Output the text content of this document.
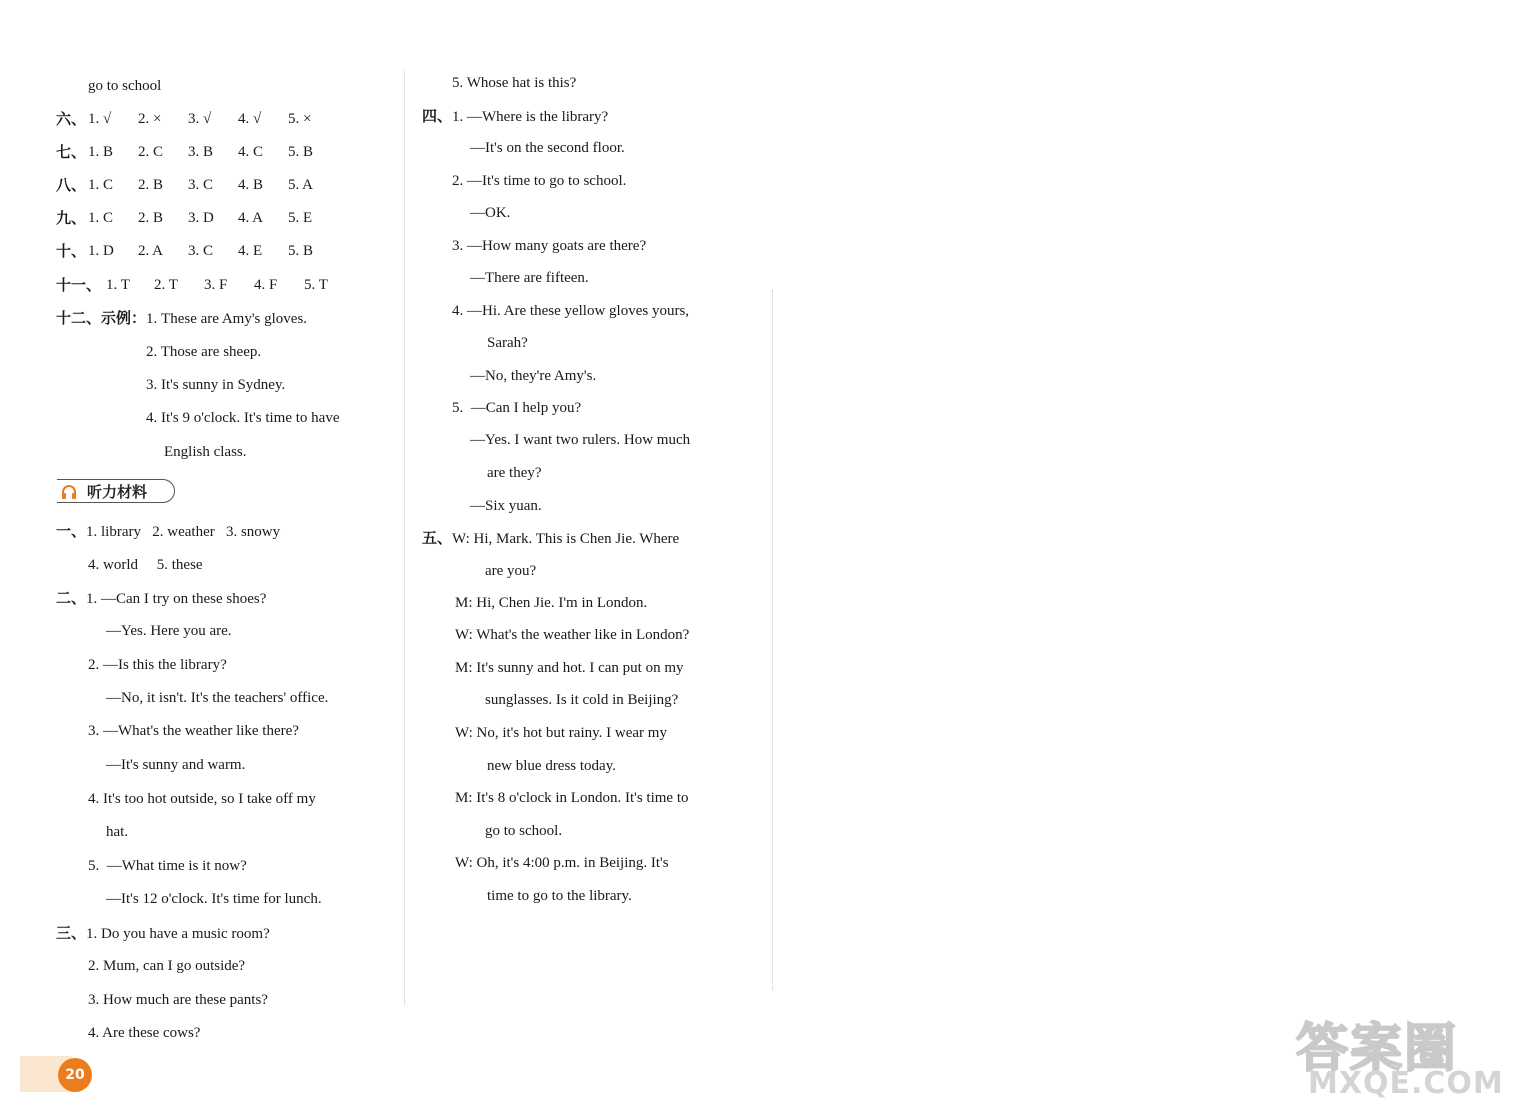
go to school
六、 1. √	2. ×	3. √	4. √	5. ×
七、 1. B 2. C 3. B 4. C 5. B
八、 1. C 2. B 3. C 4. B 5. A
九、 1. C 2. B 3. D 4. A 5. E
十、 1. D 2. A 3. C 4. E 5. B
十一、 1. T 2. T 3. F 4. F 5. T
十二、示例：1. These are Amy's gloves.
2. Those are sheep.
3. It's sunny in Sydney.
4. It's 9 o'clock. It's time to have
English class.
听力材料
一、1. library   2. weather   3. snowy
4. world     5. these
二、1. —Can I try on these shoes?
—Yes. Here you are.
2. —Is this the library?
—No, it isn't. It's the teachers' office.
3. —What's the weather like there?
—It's sunny and warm.
4. It's too hot outside, so I take off my
hat.
5.  —What time is it now?
—It's 12 o'clock. It's time for lunch.
三、1. Do you have a music room?
2. Mum, can I go outside?
3. How much are these pants?
4. Are these cows?
5. Whose hat is this?
四、1. —Where is the library?
—It's on the second floor.
2. —It's time to go to school.
—OK.
3. —How many goats are there?
—There are fifteen.
4. —Hi. Are these yellow gloves yours,
Sarah?
—No, they're Amy's.
5.  —Can I help you?
—Yes. I want two rulers. How much
are they?
—Six yuan.
五、W: Hi, Mark. This is Chen Jie. Where
are you?
M: Hi, Chen Jie. I'm in London.
W: What's the weather like in London?
M: It's sunny and hot. I can put on my
sunglasses. Is it cold in Beijing?
W: No, it's hot but rainy. I wear my
new blue dress today.
M: It's 8 o'clock in London. It's time to
go to school.
W: Oh, it's 4:00 p.m. in Beijing. It's
time to go to the library.
20	答案圈
MXQE.COM
